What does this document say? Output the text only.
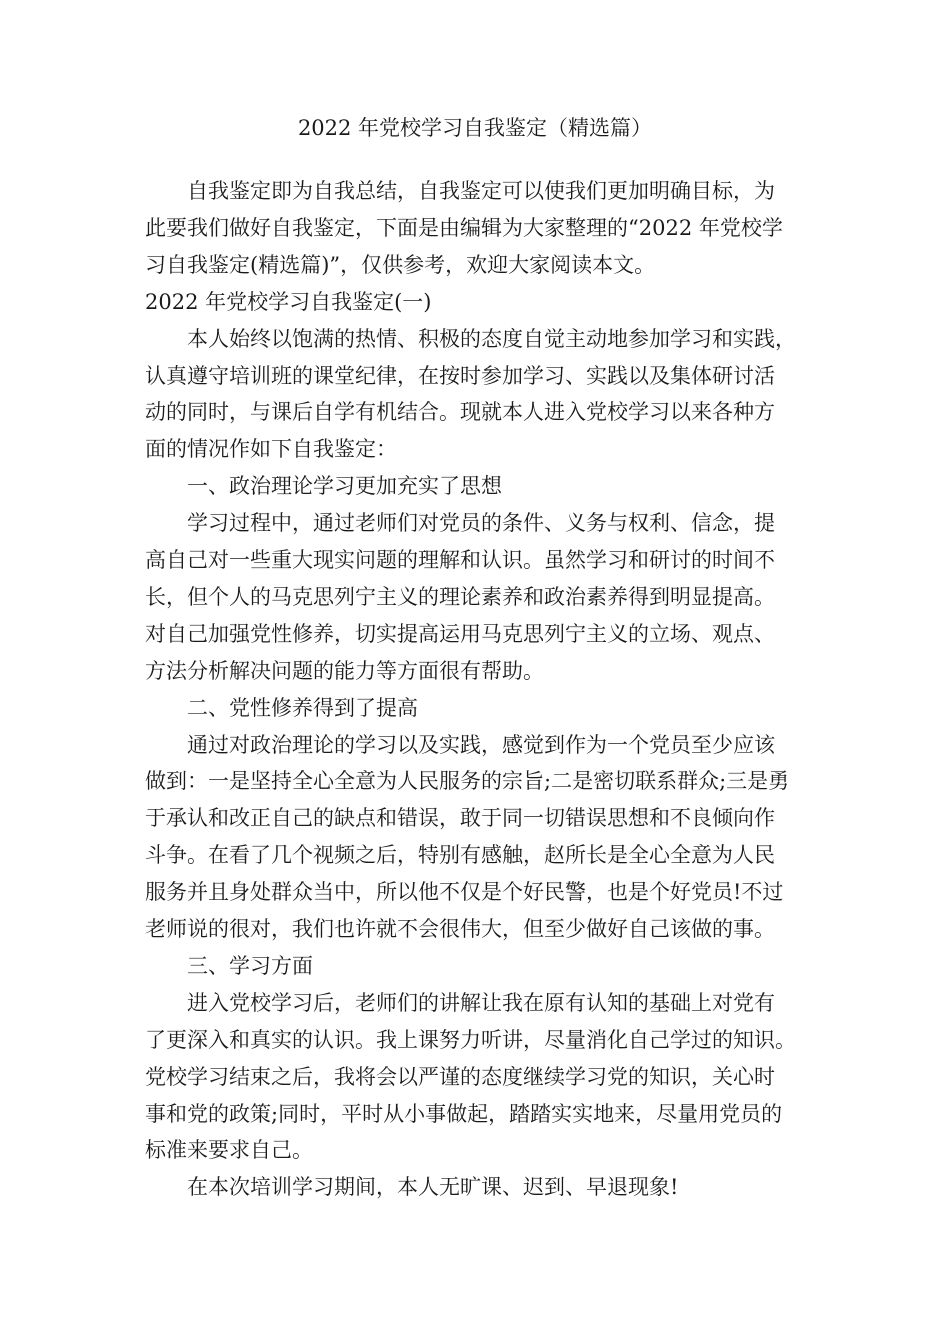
2022 年党校学习自我鉴定（精选篇）
自我鉴定即为自我总结，自我鉴定可以使我们更加明确目标，为
此要我们做好自我鉴定，下面是由编辑为大家整理的“2022 年党校学
习自我鉴定(精选篇)”，仅供参考，欢迎大家阅读本文。
2022 年党校学习自我鉴定(一)
本人始终以饱满的热情、积极的态度自觉主动地参加学习和实践，
认真遵守培训班的课堂纪律，在按时参加学习、实践以及集体研讨活
动的同时，与课后自学有机结合。现就本人进入党校学习以来各种方
面的情况作如下自我鉴定：
一、政治理论学习更加充实了思想
学习过程中，通过老师们对党员的条件、义务与权利、信念，提
高自己对一些重大现实问题的理解和认识。虽然学习和研讨的时间不
长，但个人的马克思列宁主义的理论素养和政治素养得到明显提高。
对自己加强党性修养，切实提高运用马克思列宁主义的立场、观点、
方法分析解决问题的能力等方面很有帮助。
二、党性修养得到了提高
通过对政治理论的学习以及实践，感觉到作为一个党员至少应该
做到：一是坚持全心全意为人民服务的宗旨;二是密切联系群众;三是勇
于承认和改正自己的缺点和错误，敢于同一切错误思想和不良倾向作
斗争。在看了几个视频之后，特别有感触，赵所长是全心全意为人民
服务并且身处群众当中，所以他不仅是个好民警，也是个好党员!不过
老师说的很对，我们也许就不会很伟大，但至少做好自己该做的事。
三、学习方面
进入党校学习后，老师们的讲解让我在原有认知的基础上对党有
了更深入和真实的认识。我上课努力听讲，尽量消化自己学过的知识。
党校学习结束之后，我将会以严谨的态度继续学习党的知识，关心时
事和党的政策;同时，平时从小事做起，踏踏实实地来，尽量用党员的
标准来要求自己。
在本次培训学习期间，本人无旷课、迟到、早退现象!
